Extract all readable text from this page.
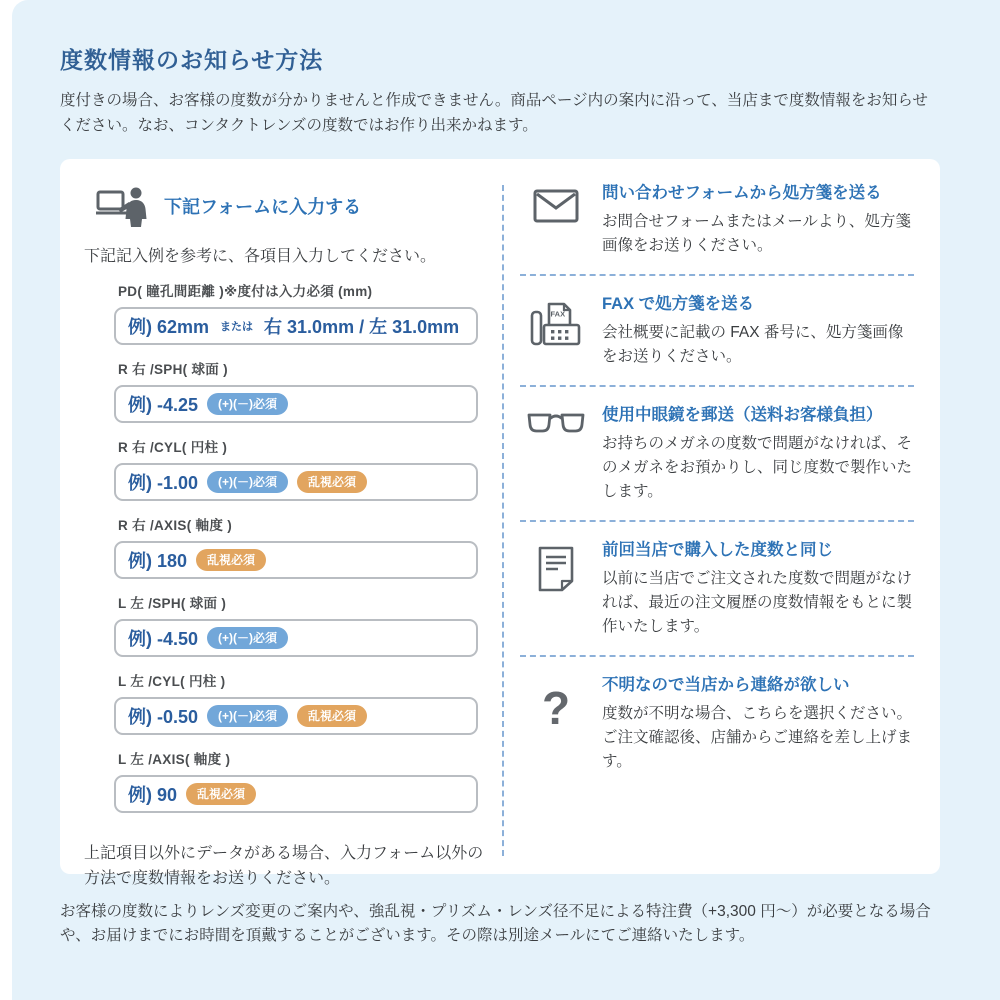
度数情報のお知らせ方法
度付きの場合、お客様の度数が分かりませんと作成できません。商品ページ内の案内に沿って、当店まで度数情報をお知らせください。なお、コンタクトレンズの度数ではお作り出来かねます。
下記フォームに入力する
下記記入例を参考に、各項目入力してください。
PD( 瞳孔間距離 )※度付は入力必須 (mm)
例) 62mm または 右 31.0mm / 左 31.0mm
R 右 /SPH( 球面 )
例) -4.25	(+)(－)必須
R 右 /CYL( 円柱 )
例) -1.00	(+)(－)必須	乱視必須
R 右 /AXIS( 軸度 )
例) 180	乱視必須
L 左 /SPH( 球面 )
例) -4.50	(+)(－)必須
L 左 /CYL( 円柱 )
例) -0.50	(+)(－)必須	乱視必須
L 左 /AXIS( 軸度 )
例) 90	乱視必須
上記項目以外にデータがある場合、入力フォーム以外の方法で度数情報をお送りください。
問い合わせフォームから処方箋を送る
お問合せフォームまたはメールより、処方箋画像をお送りください。
FAX
FAX で処方箋を送る
会社概要に記載の FAX 番号に、処方箋画像をお送りください。
使用中眼鏡を郵送（送料お客様負担）
お持ちのメガネの度数で問題がなければ、そのメガネをお預かりし、同じ度数で製作いたします。
前回当店で購入した度数と同じ
以前に当店でご注文された度数で問題がなければ、最近の注文履歴の度数情報をもとに製作いたします。
? 不明なので当店から連絡が欲しい
度数が不明な場合、こちらを選択ください。ご注文確認後、店舗からご連絡を差し上げます。
お客様の度数によりレンズ変更のご案内や、強乱視・プリズム・レンズ径不足による特注費（+3,300 円〜）が必要となる場合や、お届けまでにお時間を頂戴することがございます。その際は別途メールにてご連絡いたします。
